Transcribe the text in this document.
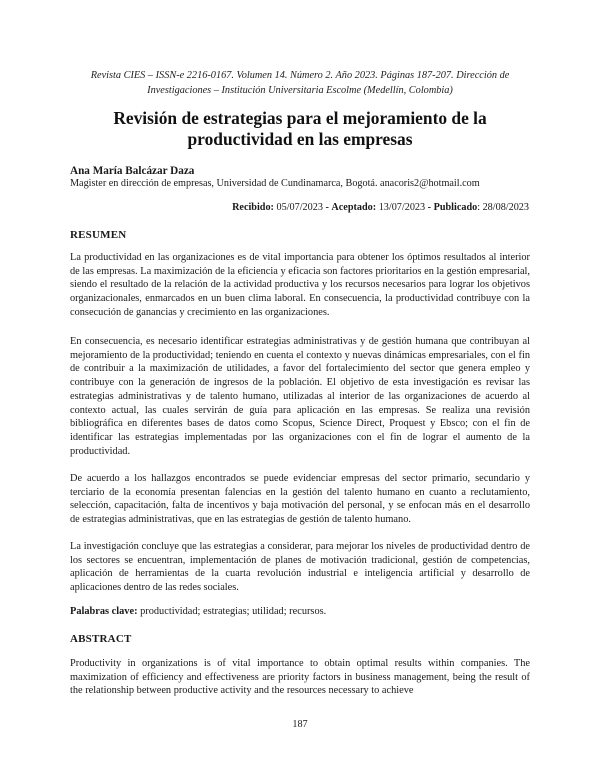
Revista CIES – ISSN-e 2216-0167. Volumen 14. Número 2. Año 2023. Páginas 187-207. Dirección de Investigaciones – Institución Universitaria Escolme (Medellín, Colombia)
Revisión de estrategias para el mejoramiento de la productividad en las empresas
Ana María Balcázar Daza
Magister en dirección de empresas, Universidad de Cundinamarca, Bogotá. anacoris2@hotmail.com
Recibido: 05/07/2023 - Aceptado: 13/07/2023 - Publicado: 28/08/2023
RESUMEN

La productividad en las organizaciones es de vital importancia para obtener los óptimos resultados al interior de las empresas. La maximización de la eficiencia y eficacia son factores prioritarios en la gestión empresarial, siendo el resultado de la relación de la actividad productiva y los recursos necesarios para lograr los objetivos organizacionales, enmarcados en un buen clima laboral. En consecuencia, la productividad contribuye con la consecución de ganancias y crecimiento en las organizaciones.

En consecuencia, es necesario identificar estrategias administrativas y de gestión humana que contribuyan al mejoramiento de la productividad; teniendo en cuenta el contexto y nuevas dinámicas empresariales, con el fin de contribuir a la maximización de utilidades, a favor del fortalecimiento del sector que genera empleo y contribuye con la generación de ingresos de la población. El objetivo de esta investigación es revisar las estrategias administrativas y de talento humano, utilizadas al interior de las organizaciones de acuerdo al contexto actual, las cuales servirán de guía para aplicación en las empresas. Se realiza una revisión bibliográfica en diferentes bases de datos como Scopus, Science Direct, Proquest y Ebsco; con el fin de identificar las estrategias implementadas por las organizaciones con el fin de lograr el aumento de la productividad.

De acuerdo a los hallazgos encontrados se puede evidenciar empresas del sector primario, secundario y terciario de la economía presentan falencias en la gestión del talento humano en cuanto a reclutamiento, selección, capacitación, falta de incentivos y baja motivación del personal, y se enfocan más en el desarrollo de estrategias administrativas, que en las estrategias de gestión de talento humano.

La investigación concluye que las estrategias a considerar, para mejorar los niveles de productividad dentro de los sectores se encuentran, implementación de planes de motivación tradicional, gestión de competencias, aplicación de herramientas de la cuarta revolución industrial e inteligencia artificial y desarrollo de aplicaciones dentro de las redes sociales.

Palabras clave: productividad; estrategias; utilidad; recursos.
ABSTRACT

Productivity in organizations is of vital importance to obtain optimal results within companies. The maximization of efficiency and effectiveness are priority factors in business management, being the result of the relationship between productive activity and the resources necessary to achieve

187
